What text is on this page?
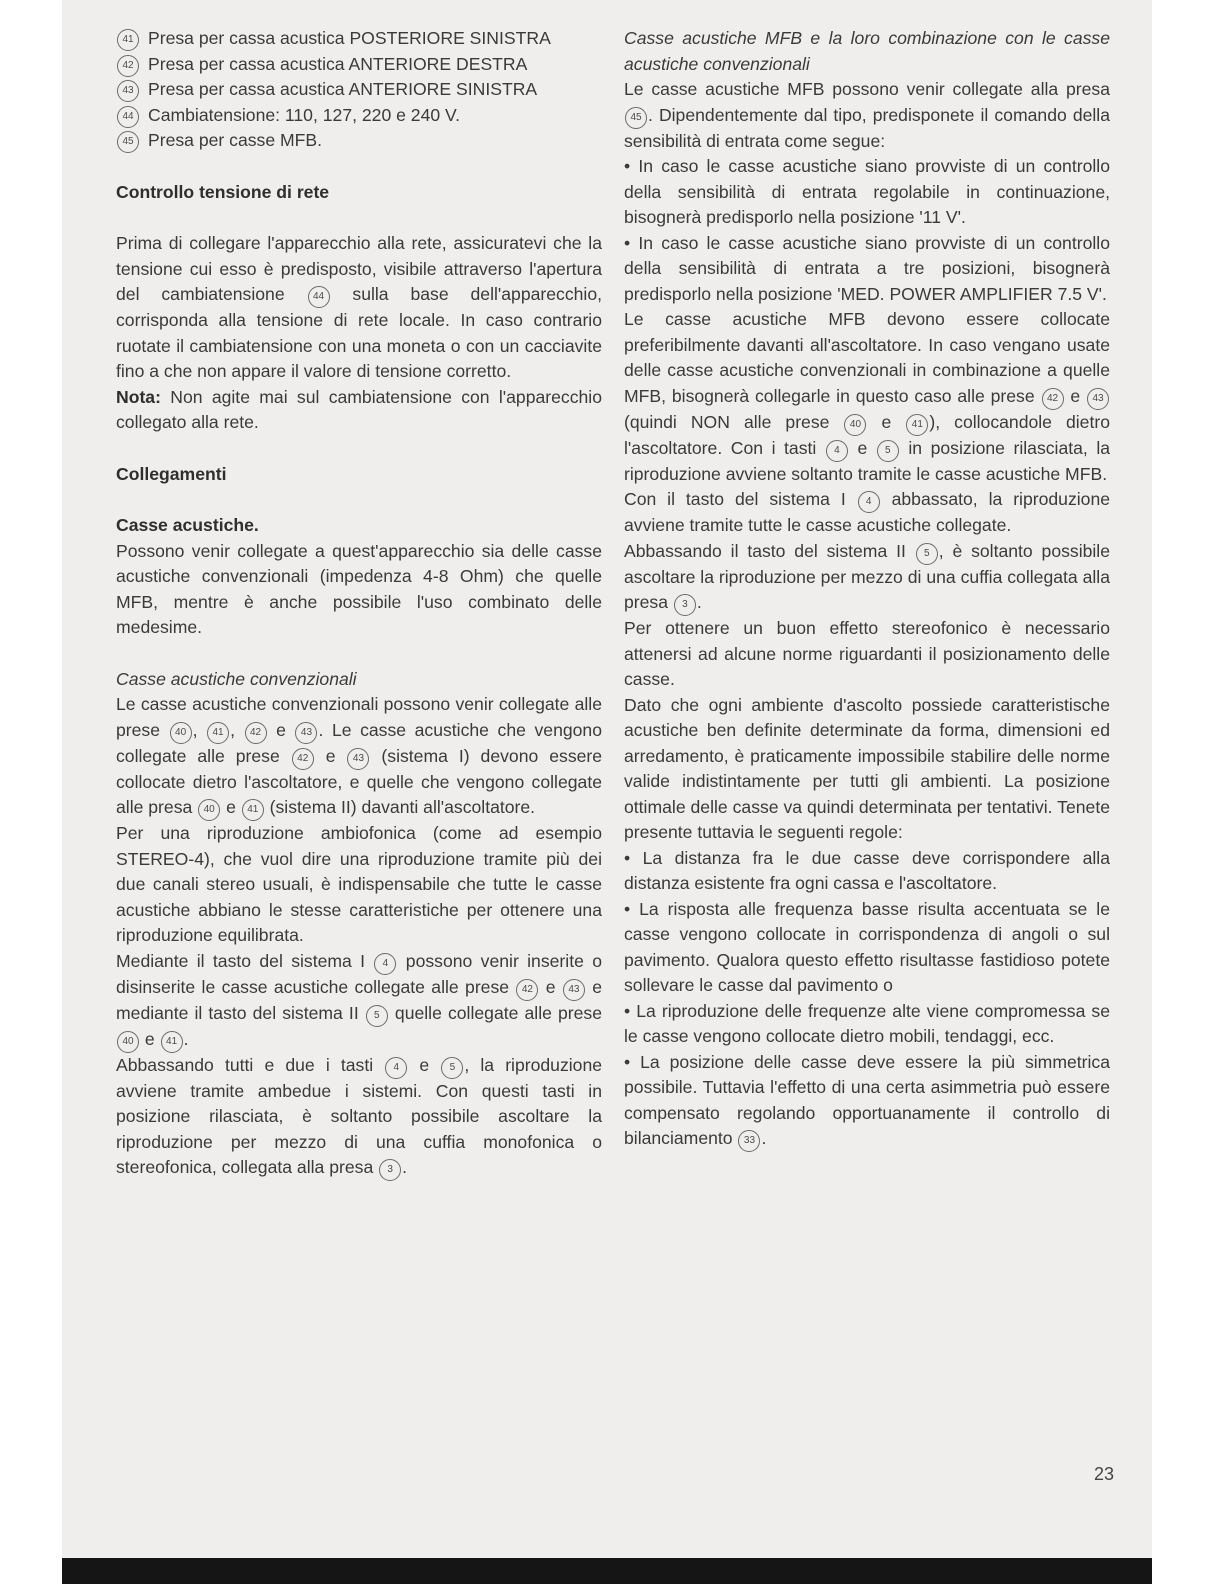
41 Presa per cassa acustica POSTERIORE SINISTRA
42 Presa per cassa acustica ANTERIORE DESTRA
43 Presa per cassa acustica ANTERIORE SINISTRA
44 Cambiatensione: 110, 127, 220 e 240 V.
45 Presa per casse MFB.

Controllo tensione di rete

Prima di collegare l'apparecchio alla rete, assicuratevi che la tensione cui esso è predisposto, visibile attraverso l'apertura del cambiatensione	44 sulla base dell'apparecchio, corrisponda alla tensione di rete locale. In caso contrario ruotate il cambiatensione con una moneta o con un cacciavite fino a che non appare il valore di tensione corretto.

Nota: Non agite mai sul cambiatensione con l'apparecchio collegato alla rete.

Collegamenti

Casse acustiche.

Possono venir collegate a quest'apparecchio sia delle casse acustiche convenzionali (impedenza 4-8 Ohm) che quelle MFB, mentre è anche possibile l'uso combinato delle medesime.

Casse acustiche convenzionali

Le casse acustiche convenzionali possono venir collegate alle prese 40 , 41 , 42 e 43 . Le casse acustiche che vengono collegate alle prese 42 e 43 (sistema I) devono essere collocate dietro l'ascoltatore, e quelle che vengono collegate alle presa 40 e 41 (sistema II) davanti all'ascoltatore.

Per una riproduzione ambiofonica (come ad esempio STEREO-4), che vuol dire una riproduzione tramite più dei due canali stereo usuali, è indispensabile che tutte le casse acustiche abbiano le stesse caratteristiche per ottenere una riproduzione equilibrata.

Mediante il tasto del sistema I 4 possono venir inserite o disinserite le casse acustiche collegate alle prese 42 e 43 e mediante il tasto del sistema II 5 quelle collegate alle prese 40 e 41 .

Abbassando tutti e due i tasti 4 e 5 , la riproduzione avviene tramite ambedue i sistemi. Con questi tasti in posizione rilasciata, è soltanto possibile ascoltare la riproduzione per mezzo di una cuffia monofonica o stereofonica, collegata alla presa 3 .

Casse acustiche MFB e la loro combinazione con le casse acustiche convenzionali

Le casse acustiche MFB possono venir collegate alla presa 45 . Dipendentemente dal tipo, predisponete il comando della sensibilità di entrata come segue:

• In caso le casse acustiche siano provviste di un controllo della sensibilità di entrata regolabile in continuazione, bisognerà predisporlo nella posizione '11 V'.

• In caso le casse acustiche siano provviste di un controllo della sensibilità di entrata a tre posizioni, bisognerà predisporlo nella posizione 'MED. POWER AMPLIFIER 7.5 V'.

Le casse acustiche MFB devono essere collocate preferibilmente davanti all'ascoltatore. In caso vengano usate delle casse acustiche convenzionali in combinazione a quelle MFB, bisognerà collegarle in questo caso alle prese 42 e 43 (quindi NON alle prese 40 e 41 ), collocandole dietro l'ascoltatore. Con i tasti 4 e 5 in posizione rilasciata, la riproduzione avviene soltanto tramite le casse acustiche MFB.

Con il tasto del sistema I 4 abbassato, la riproduzione avviene tramite tutte le casse acustiche collegate.

Abbassando il tasto del sistema II 5 , è soltanto possibile ascoltare la riproduzione per mezzo di una cuffia collegata alla presa 3 .

Per ottenere un buon effetto stereofonico è necessario attenersi ad alcune norme riguardanti il posizionamento delle casse.

Dato che ogni ambiente d'ascolto possiede caratteristische acustiche ben definite determinate da forma, dimensioni ed arredamento, è praticamente impossibile stabilire delle norme valide indistintamente per tutti gli ambienti. La posizione ottimale delle casse va quindi determinata per tentativi. Tenete presente tuttavia le seguenti regole:

• La distanza fra le due casse deve corrispondere alla distanza esistente fra ogni cassa e l'ascoltatore.

• La risposta alle frequenza basse risulta accentuata se le casse vengono collocate in corrispondenza di angoli o sul pavimento. Qualora questo effetto risultasse fastidioso potete sollevare le casse dal pavimento o

• La riproduzione delle frequenze alte viene compromessa se le casse vengono collocate dietro mobili, tendaggi, ecc.

• La posizione delle casse deve essere la più simmetrica possibile. Tuttavia l'effetto di una certa asimmetria può essere compensato regolando opportuanamente il controllo di bilanciamento 33 .

23
